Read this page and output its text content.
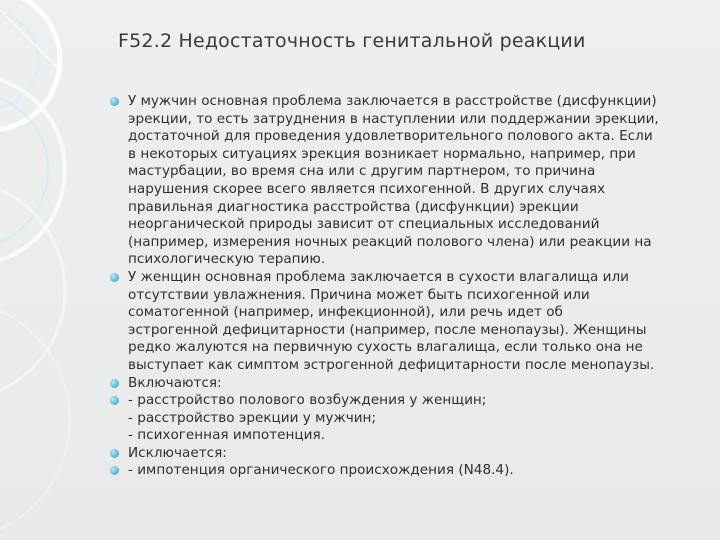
F52.2 Недостаточность генитальной реакции
У мужчин основная проблема заключается в расстройстве (дисфункции)
эрекции, то есть затруднения в наступлении или поддержании эрекции,
достаточной для проведения удовлетворительного полового акта. Если
в некоторых ситуациях эрекция возникает нормально, например, при
мастурбации, во время сна или с другим партнером, то причина
нарушения скорее всего является психогенной. В других случаях
правильная диагностика расстройства (дисфункции) эрекции
неорганической природы зависит от специальных исследований
(например, измерения ночных реакций полового члена) или реакции на
психологическую терапию.
У женщин основная проблема заключается в сухости влагалища или
отсутствии увлажнения. Причина может быть психогенной или
соматогенной (например, инфекционной), или речь идет об
эстрогенной дефицитарности (например, после менопаузы). Женщины
редко жалуются на первичную сухость влагалища, если только она не
выступает как симптом эстрогенной дефицитарности после менопаузы.
Включаются:
- расстройство полового возбуждения у женщин;
- расстройство эрекции у мужчин;
- психогенная импотенция.
Исключается:
- импотенция органического происхождения (N48.4).
